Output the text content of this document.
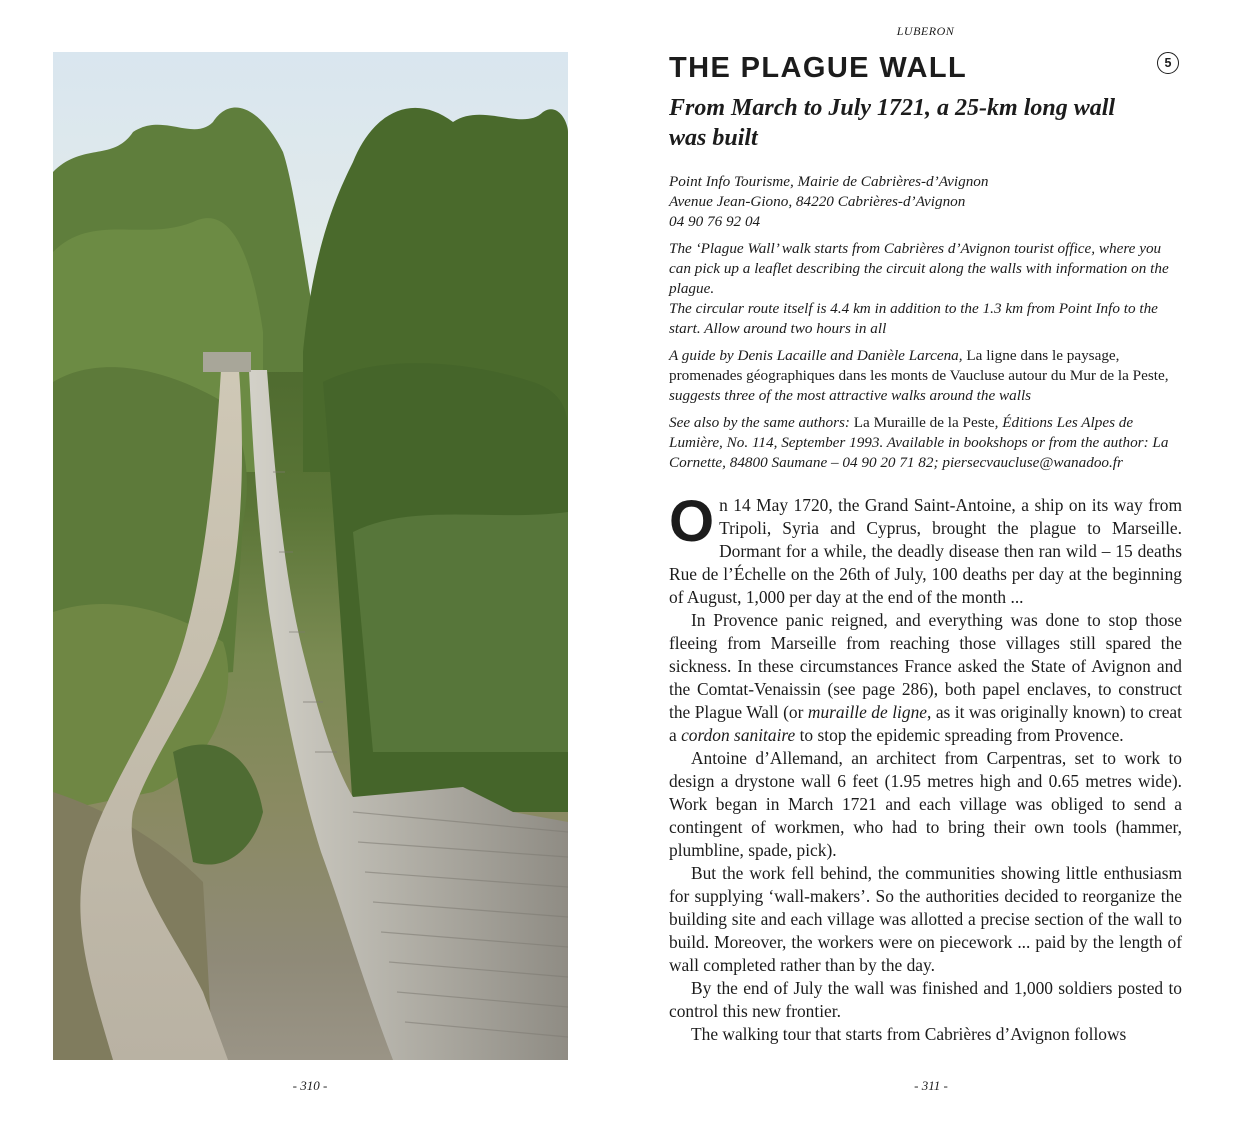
- 310 -
LUBERON
THE PLAGUE WALL	5
From March to July 1721, a 25-km long wall was built

Point Info Tourisme, Mairie de Cabrières-d’Avignon
Avenue Jean-Giono, 84220 Cabrières-d’Avignon
04 90 76 92 04

The ‘Plague Wall’ walk starts from Cabrières d’Avignon tourist office, where you can pick up a leaflet describing the circuit along the walls with information on the plague.
The circular route itself is 4.4 km in addition to the 1.3 km from Point Info to the start. Allow around two hours in all

A guide by Denis Lacaille and Danièle Larcena, La ligne dans le paysage, promenades géographiques dans les monts de Vaucluse autour du Mur de la Peste, suggests three of the most attractive walks around the walls

See also by the same authors: La Muraille de la Peste, Éditions Les Alpes de Lumière, No. 114, September 1993. Available in bookshops or from the author: La Cornette, 84800 Saumane – 04 90 20 71 82; piersecvaucluse@wanadoo.fr

On 14 May 1720, the Grand Saint-Antoine, a ship on its way from Tripoli, Syria and Cyprus, brought the plague to Marseille. Dormant for a while, the deadly disease then ran wild – 15 deaths Rue de l’Échelle on the 26th of July, 100 deaths per day at the beginning of August, 1,000 per day at the end of the month ...

In Provence panic reigned, and everything was done to stop those fleeing from Marseille from reaching those villages still spared the sickness. In these circumstances France asked the State of Avignon and the Comtat-Venaissin (see page 286), both papel enclaves, to construct the Plague Wall (or muraille de ligne, as it was originally known) to creat a cordon sanitaire to stop the epidemic spreading from Provence.

Antoine d’Allemand, an architect from Carpentras, set to work to design a drystone wall 6 feet (1.95 metres high and 0.65 metres wide). Work began in March 1721 and each village was obliged to send a contingent of workmen, who had to bring their own tools (hammer, plumbline, spade, pick).

But the work fell behind, the communities showing little enthusiasm for supplying ‘wall-makers’. So the authorities decided to reorganize the building site and each village was allotted a precise section of the wall to build. Moreover, the workers were on piecework ... paid by the length of wall completed rather than by the day.

By the end of July the wall was finished and 1,000 soldiers posted to control this new frontier.

The walking tour that starts from Cabrières d’Avignon follows

- 311 -
